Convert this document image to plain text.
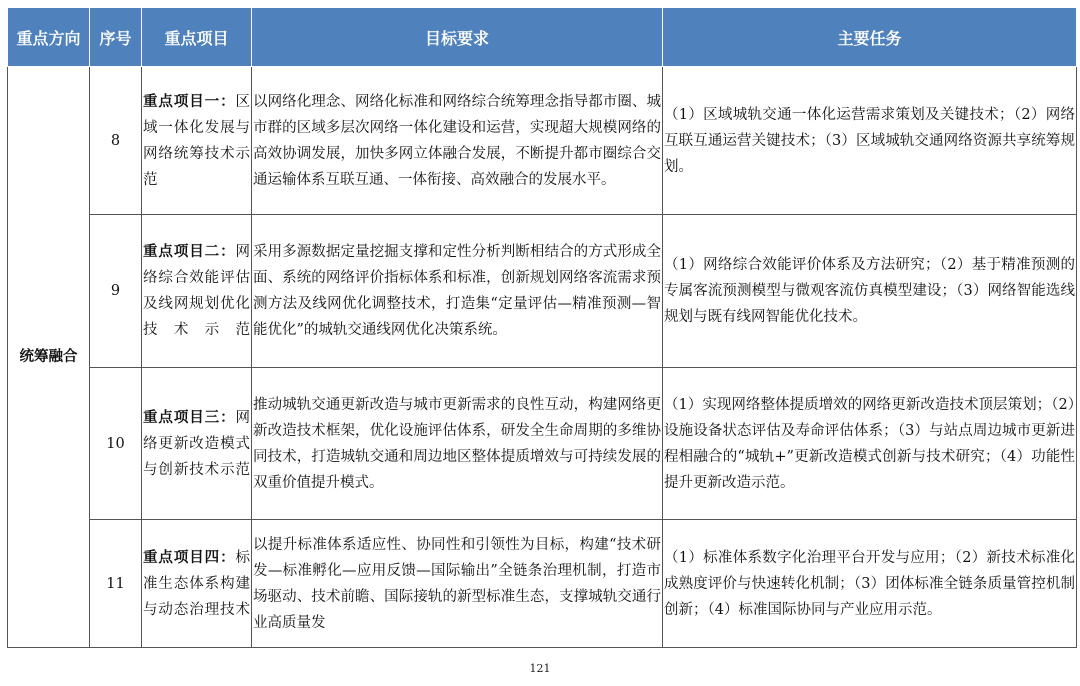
重点方向	序号	重点项目	目标要求	主要任务
统筹融合	8	重点项目一：区域一体化发展与网络统筹技术示范	以网络化理念、网络化标准和网络综合统筹理念指导都市圈、城市群的区域多层次网络一体化建设和运营，实现超大规模网络的高效协调发展，加快多网立体融合发展，不断提升都市圈综合交通运输体系互联互通、一体衔接、高效融合的发展水平。	（1）区域城轨交通一体化运营需求策划及关键技术；（2）网络互联互通运营关键技术；（3）区域城轨交通网络资源共享统筹规划。
	9	重点项目二：网络综合效能评估及线网规划优化技术示范	采用多源数据定量挖掘支撑和定性分析判断相结合的方式形成全面、系统的网络评价指标体系和标准，创新规划网络客流需求预测方法及线网优化调整技术，打造集“定量评估—精准预测—智能优化”的城轨交通线网优化决策系统。	（1）网络综合效能评价体系及方法研究；（2）基于精准预测的专属客流预测模型与微观客流仿真模型建设；（3）网络智能选线规划与既有线网智能优化技术。
	10	重点项目三：网络更新改造模式与创新技术示范	推动城轨交通更新改造与城市更新需求的良性互动，构建网络更新改造技术框架，优化设施评估体系，研发全生命周期的多维协同技术，打造城轨交通和周边地区整体提质增效与可持续发展的双重价值提升模式。	（1）实现网络整体提质增效的网络更新改造技术顶层策划；（2）设施设备状态评估及寿命评估体系；（3）与站点周边城市更新进程相融合的“城轨+”更新改造模式创新与技术研究；（4）功能性提升更新改造示范。
	11	重点项目四：标准生态体系构建与动态治理技术	以提升标准体系适应性、协同性和引领性为目标，构建“技术研发—标准孵化—应用反馈—国际输出”全链条治理机制，打造市场驱动、技术前瞻、国际接轨的新型标准生态，支撑城轨交通行业高质量发	（1）标准体系数字化治理平台开发与应用；（2）新技术标准化成熟度评价与快速转化机制；（3）团体标准全链条质量管控机制创新；（4）标准国际协同与产业应用示范。
121
